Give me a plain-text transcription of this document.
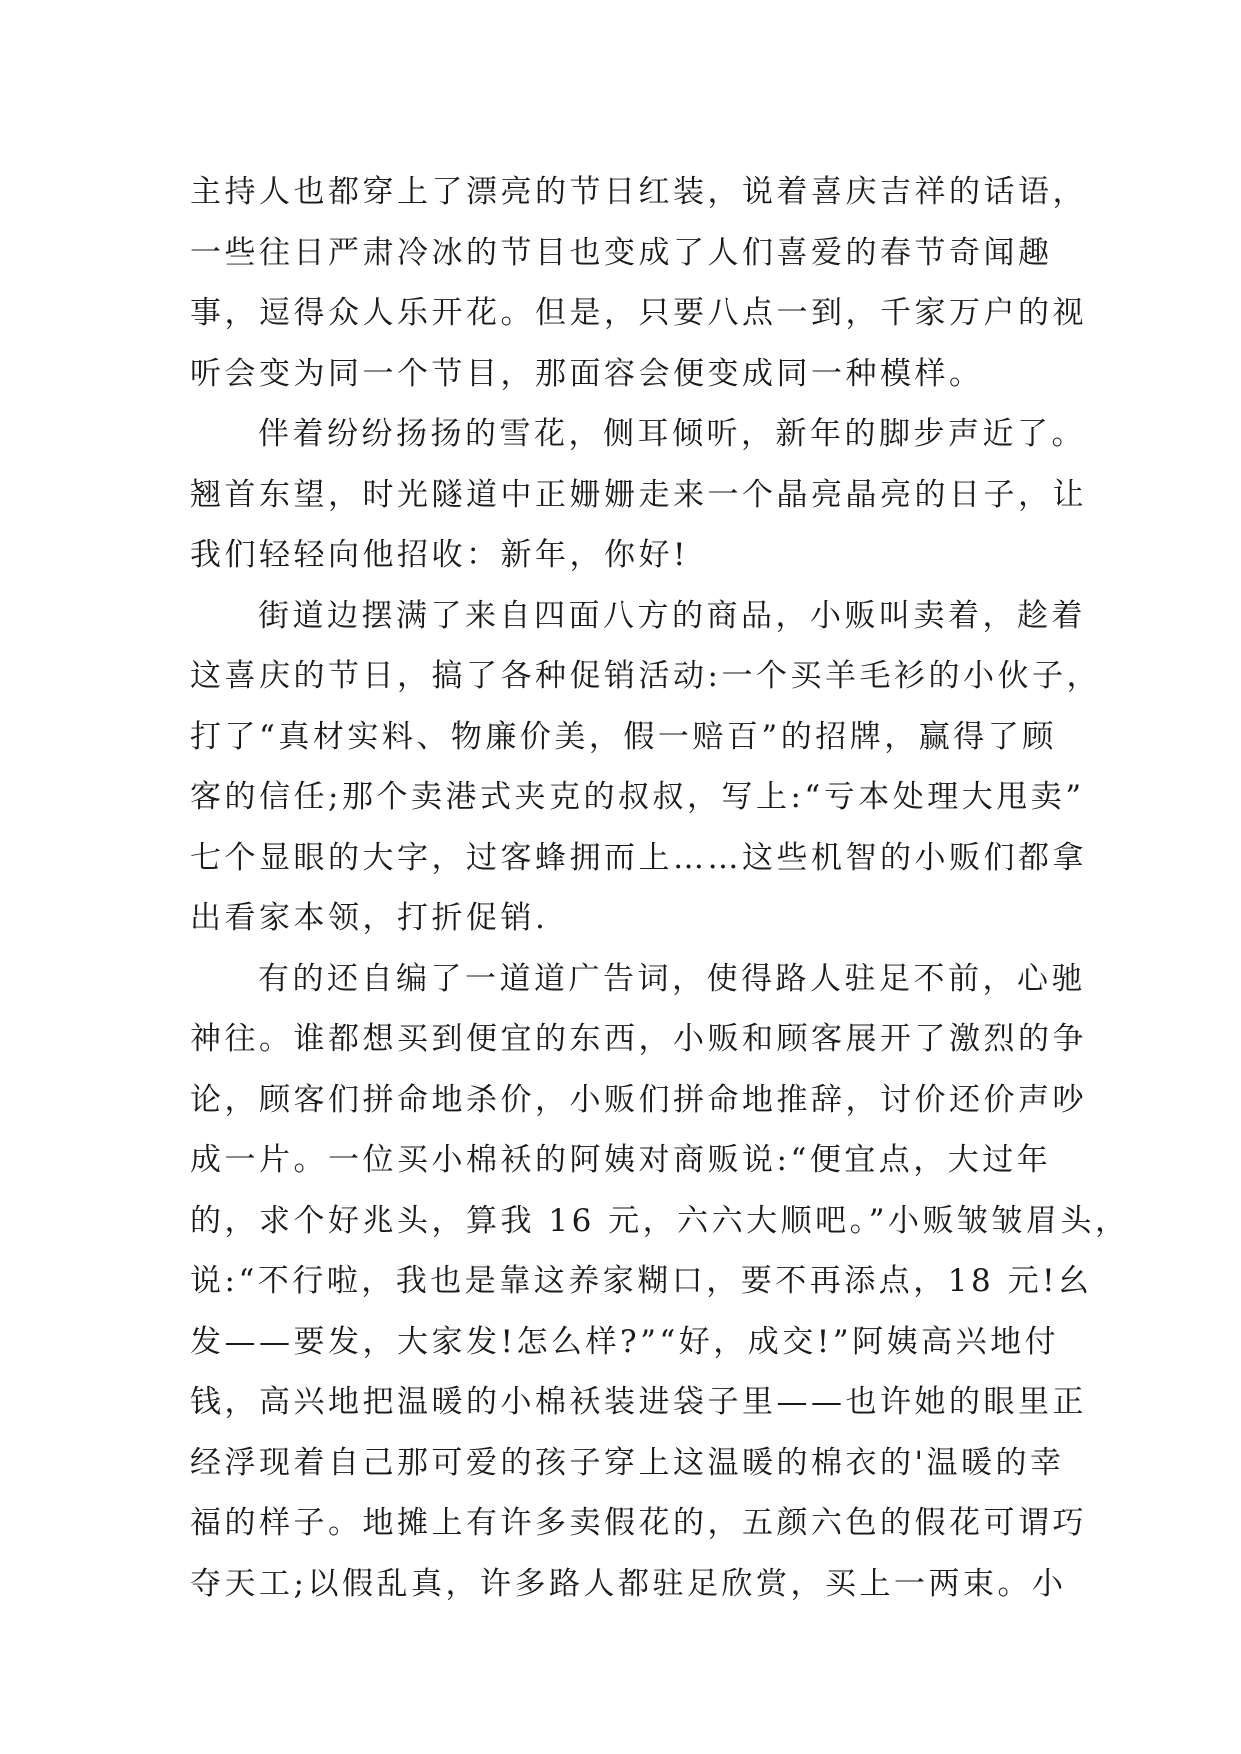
主持人也都穿上了漂亮的节日红装，说着喜庆吉祥的话语，
一些往日严肃冷冰的节目也变成了人们喜爱的春节奇闻趣
事，逗得众人乐开花。但是，只要八点一到，千家万户的视
听会变为同一个节目，那面容会便变成同一种模样。
伴着纷纷扬扬的雪花，侧耳倾听，新年的脚步声近了。
翘首东望，时光隧道中正姗姗走来一个晶亮晶亮的日子，让
我们轻轻向他招收：新年，你好!
街道边摆满了来自四面八方的商品，小贩叫卖着，趁着
这喜庆的节日，搞了各种促销活动:一个买羊毛衫的小伙子，
打了“真材实料、物廉价美，假一赔百”的招牌，赢得了顾
客的信任;那个卖港式夹克的叔叔，写上:“亏本处理大甩卖”
七个显眼的大字，过客蜂拥而上……这些机智的小贩们都拿
出看家本领，打折促销.
有的还自编了一道道广告词，使得路人驻足不前，心驰
神往。谁都想买到便宜的东西，小贩和顾客展开了激烈的争
论，顾客们拼命地杀价，小贩们拼命地推辞，讨价还价声吵
成一片。一位买小棉袄的阿姨对商贩说:“便宜点，大过年
的，求个好兆头，算我 16 元，六六大顺吧。”小贩皱皱眉头，
说:“不行啦，我也是靠这养家糊口，要不再添点，18 元!幺
发——要发，大家发!怎么样?”“好，成交!”阿姨高兴地付
钱，高兴地把温暖的小棉袄装进袋子里——也许她的眼里正
经浮现着自己那可爱的孩子穿上这温暖的棉衣的'温暖的幸
福的样子。地摊上有许多卖假花的，五颜六色的假花可谓巧
夺天工;以假乱真，许多路人都驻足欣赏，买上一两束。小
